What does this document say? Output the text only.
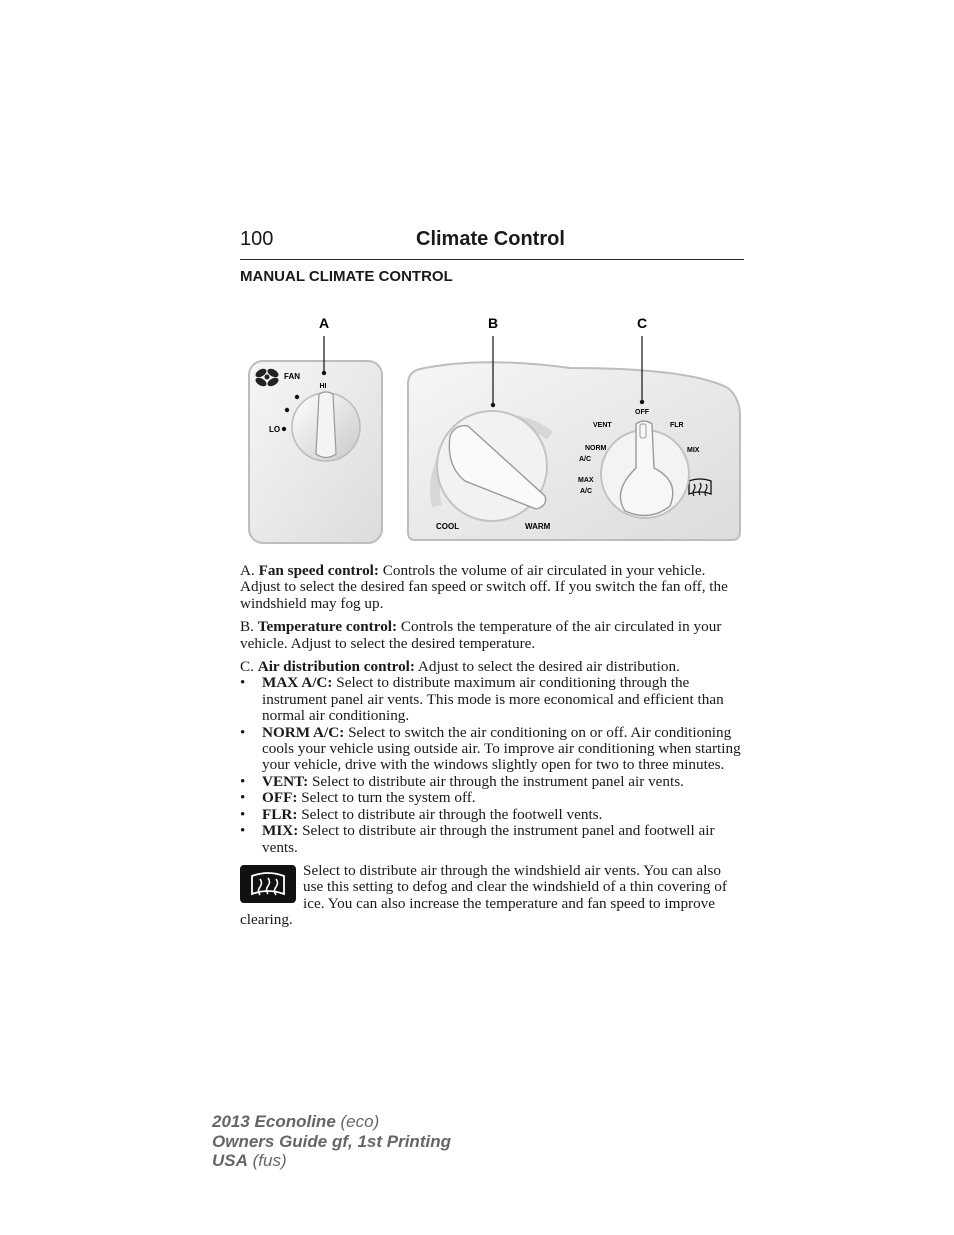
100	Climate Control
MANUAL CLIMATE CONTROL
A	B	C
FAN
HI
LO
COOL	WARM
OFF
VENT	FLR
NORM
A/C
MIX
MAX
A/C

A. Fan speed control: Controls the volume of air circulated in your vehicle. Adjust to select the desired fan speed or switch off. If you switch the fan off, the windshield may fog up.

B. Temperature control: Controls the temperature of the air circulated in your vehicle. Adjust to select the desired temperature.

C. Air distribution control: Adjust to select the desired air distribution.

• MAX A/C: Select to distribute maximum air conditioning through the instrument panel air vents. This mode is more economical and efficient than normal air conditioning.
• NORM A/C: Select to switch the air conditioning on or off. Air conditioning cools your vehicle using outside air. To improve air conditioning when starting your vehicle, drive with the windows slightly open for two to three minutes.
• VENT: Select to distribute air through the instrument panel air vents.
• OFF: Select to turn the system off.
• FLR: Select to distribute air through the footwell vents.
• MIX: Select to distribute air through the instrument panel and footwell air vents.
Select to distribute air through the windshield air vents. You can also use this setting to defog and clear the windshield of a thin covering of ice. You can also increase the temperature and fan speed to improve clearing.
2013 Econoline (eco)
Owners Guide gf, 1st Printing
USA (fus)
